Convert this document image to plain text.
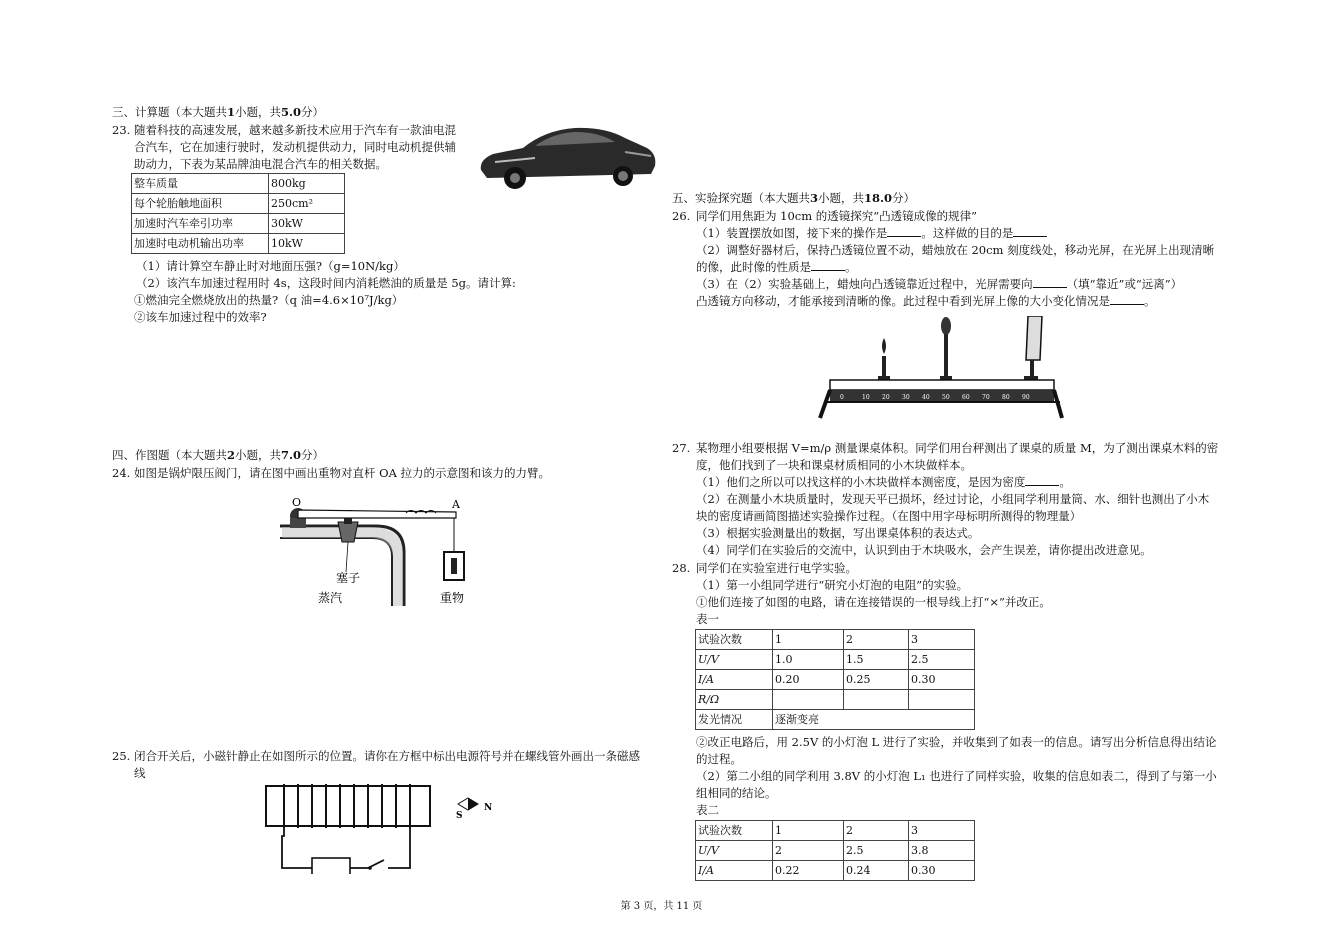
三、计算题（本大题共1小题，共5.0分）
23. 随着科技的高速发展，越来越多新技术应用于汽车有一款油电混
合汽车，它在加速行驶时，发动机提供动力，同时电动机提供辅
助动力，下表为某品牌油电混合汽车的相关数据。
整车质量	800kg
每个轮胎触地面积	250cm²
加速时汽车牵引功率	30kW
加速时电动机输出功率	10kW
（1）请计算空车静止时对地面压强?（g=10N/kg）
（2）该汽车加速过程用时 4s，这段时间内消耗燃油的质量是 5g。请计算:
①燃油完全燃烧放出的热量?（q 油=4.6×10⁷J/kg）
②该车加速过程中的效率?
四、作图题（本大题共2小题，共7.0分）
24. 如图是锅炉限压阀门，请在图中画出重物对直杆 OA 拉力的示意图和该力的力臂。
O	A
塞子
蒸汽	重物
25. 闭合开关后，小磁针静止在如图所示的位置。请你在方框中标出电源符号并在螺线管外画出一条磁感
线
S
N
五、实验探究题（本大题共3小题，共18.0分）
26. 同学们用焦距为 10cm 的透镜探究“凸透镜成像的规律”
（1）装置摆放如图，接下来的操作是	。这样做的目的是
（2）调整好器材后，保持凸透镜位置不动，蜡烛放在 20cm 刻度线处，移动光屏，在光屏上出现清晰
的像，此时像的性质是	。
（3）在（2）实验基础上，蜡烛向凸透镜靠近过程中，光屏需要向	（填“靠近”或“远离”）
凸透镜方向移动，才能承接到清晰的像。此过程中看到光屏上像的大小变化情况是	。
0	10 20 30 40 50 60 70 80 90
27. 某物理小组要根据 V=m/ρ 测量课桌体积。同学们用台秤测出了课桌的质量 M，为了测出课桌木料的密
度，他们找到了一块和课桌材质相同的小木块做样本。
（1）他们之所以可以找这样的小木块做样本测密度，是因为密度	。
（2）在测量小木块质量时，发现天平已损坏，经过讨论，小组同学利用量筒、水、细针也测出了小木
块的密度请画简图描述实验操作过程。（在图中用字母标明所测得的物理量）
（3）根据实验测量出的数据，写出课桌体积的表达式。
（4）同学们在实验后的交流中，认识到由于木块吸水，会产生误差，请你提出改进意见。
28. 同学们在实验室进行电学实验。
（1）第一小组同学进行“研究小灯泡的电阻”的实验。
①他们连接了如图的电路，请在连接错误的一根导线上打“×”并改正。
表一
试验次数	1	2	3
U/V	1.0	1.5	2.5
I/A	0.20	0.25	0.30
R/Ω			
发光情况	逐渐变亮		
②改正电路后，用 2.5V 的小灯泡 L 进行了实验，并收集到了如表一的信息。请写出分析信息得出结论
的过程。
（2）第二小组的同学利用 3.8V 的小灯泡 L₁ 也进行了同样实验，收集的信息如表二，得到了与第一小
组相同的结论。
表二
试验次数	1	2	3
U/V	2	2.5	3.8
I/A	0.22	0.24	0.30
第 3 页，共 11 页
